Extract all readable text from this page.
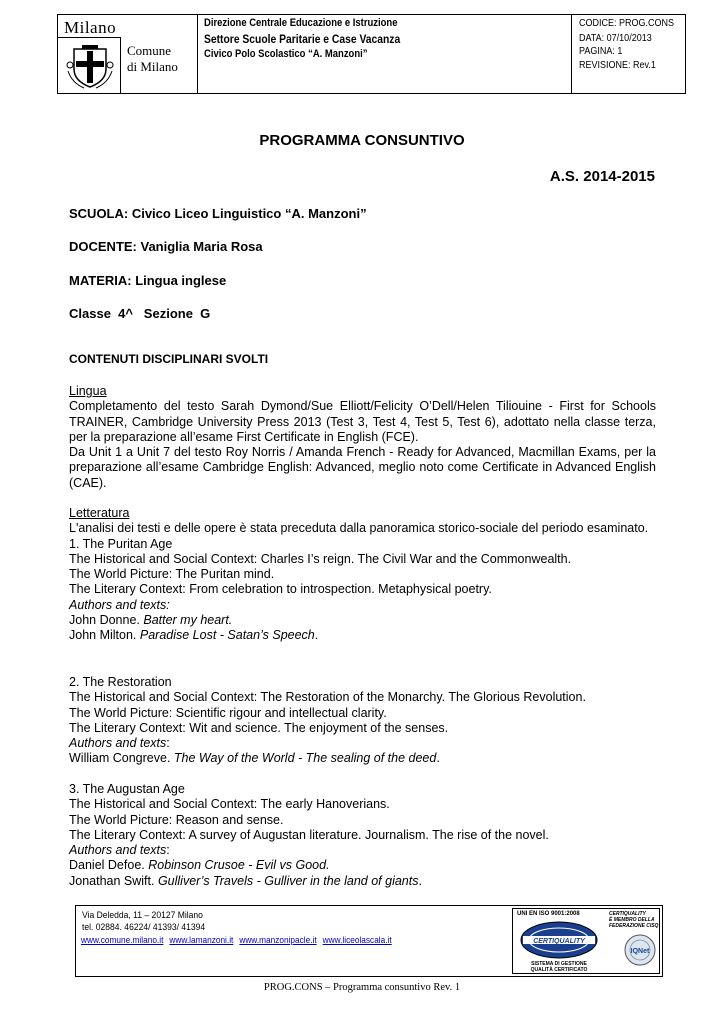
Milano
Comune
di Milano
Direzione Centrale Educazione e Istruzione
Settore Scuole Paritarie e Case Vacanza
Civico Polo Scolastico “A. Manzoni”
CODICE: PROG.CONS
DATA: 07/10/2013
PAGINA: 1
REVISIONE: Rev.1
PROGRAMMA CONSUNTIVO
A.S. 2014-2015
SCUOLA: Civico Liceo Linguistico “A. Manzoni”
DOCENTE: Vaniglia Maria Rosa
MATERIA: Lingua inglese
Classe  4^   Sezione  G
CONTENUTI DISCIPLINARI SVOLTI

Lingua

Completamento del testo Sarah Dymond/Sue Elliott/Felicity O’Dell/Helen Tiliouine - First for Schools TRAINER, Cambridge University Press 2013 (Test 3, Test 4, Test 5, Test 6), adottato nella classe terza, per la preparazione all’esame First Certificate in English (FCE).

Da Unit 1 a Unit 7 del testo Roy Norris / Amanda French - Ready for Advanced, Macmillan Exams, per la preparazione all’esame Cambridge English: Advanced, meglio noto come Certificate in Advanced English (CAE).

Letteratura

L'analisi dei testi e delle opere è stata preceduta dalla panoramica storico-sociale del periodo esaminato.

1. The Puritan Age

The Historical and Social Context: Charles I’s reign. The Civil War and the Commonwealth.

The World Picture: The Puritan mind.

The Literary Context: From celebration to introspection. Metaphysical poetry.

Authors and texts:

John Donne. Batter my heart.

John Milton. Paradise Lost - Satan’s Speech.

2. The Restoration

The Historical and Social Context: The Restoration of the Monarchy. The Glorious Revolution.

The World Picture: Scientific rigour and intellectual clarity.

The Literary Context: Wit and science. The enjoyment of the senses.

Authors and texts:

William Congreve. The Way of the World - The sealing of the deed.

3. The Augustan Age

The Historical and Social Context: The early Hanoverians.

The World Picture: Reason and sense.

The Literary Context: A survey of Augustan literature. Journalism. The rise of the novel.

Authors and texts:

Daniel Defoe. Robinson Crusoe - Evil vs Good.

Jonathan Swift. Gulliver’s Travels - Gulliver in the land of giants.

Via Deledda, 11 – 20127 Milano
tel. 02884. 46224/ 41393/ 41394
www.comune.milano.it www.lamanzoni.it www.manzonipacle.it www.liceolascala.it
UNI EN ISO 9001:2008
CERTIQUALITY
SISTEMA DI GESTIONE
QUALITÀ CERTIFICATO
CERTIQUALITY
È MEMBRO DELLA
FEDERAZIONE CISQ
IQNet
PROG.CONS – Programma consuntivo Rev. 1
